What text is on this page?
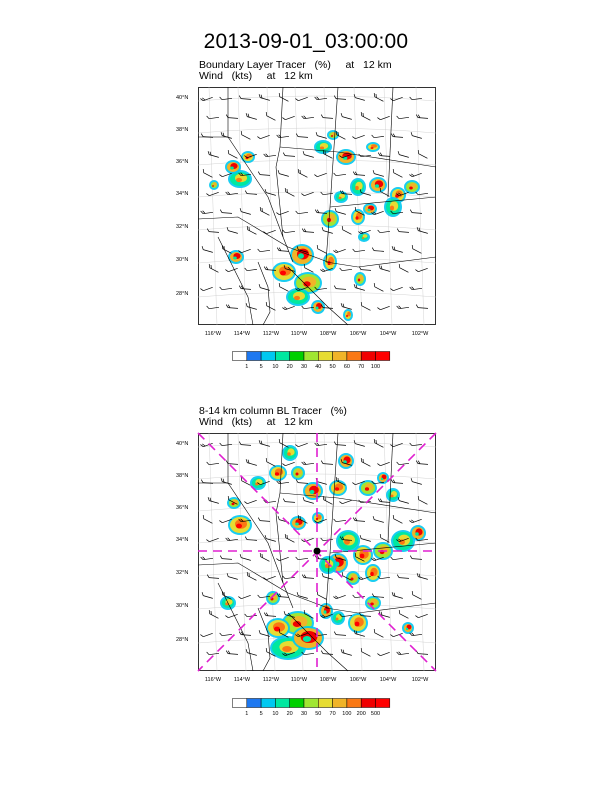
2013-09-01_03:00:00
Boundary Layer Tracer   (%)     at   12 km
Wind   (kts)     at   12 km
40°N
38°N
36°N
34°N
32°N
30°N
28°N
116°W 114°W 112°W 110°W 108°W 106°W 104°W	102°W
1	5	10	20	30	40	50	60	70	100
8-14 km column BL Tracer   (%)
Wind   (kts)     at   12 km
40°N
38°N
36°N
34°N
32°N
30°N
28°N
116°W 114°W 112°W 110°W 108°W 106°W 104°W	102°W
1	5	10	20	30	50	70	100 200 500
